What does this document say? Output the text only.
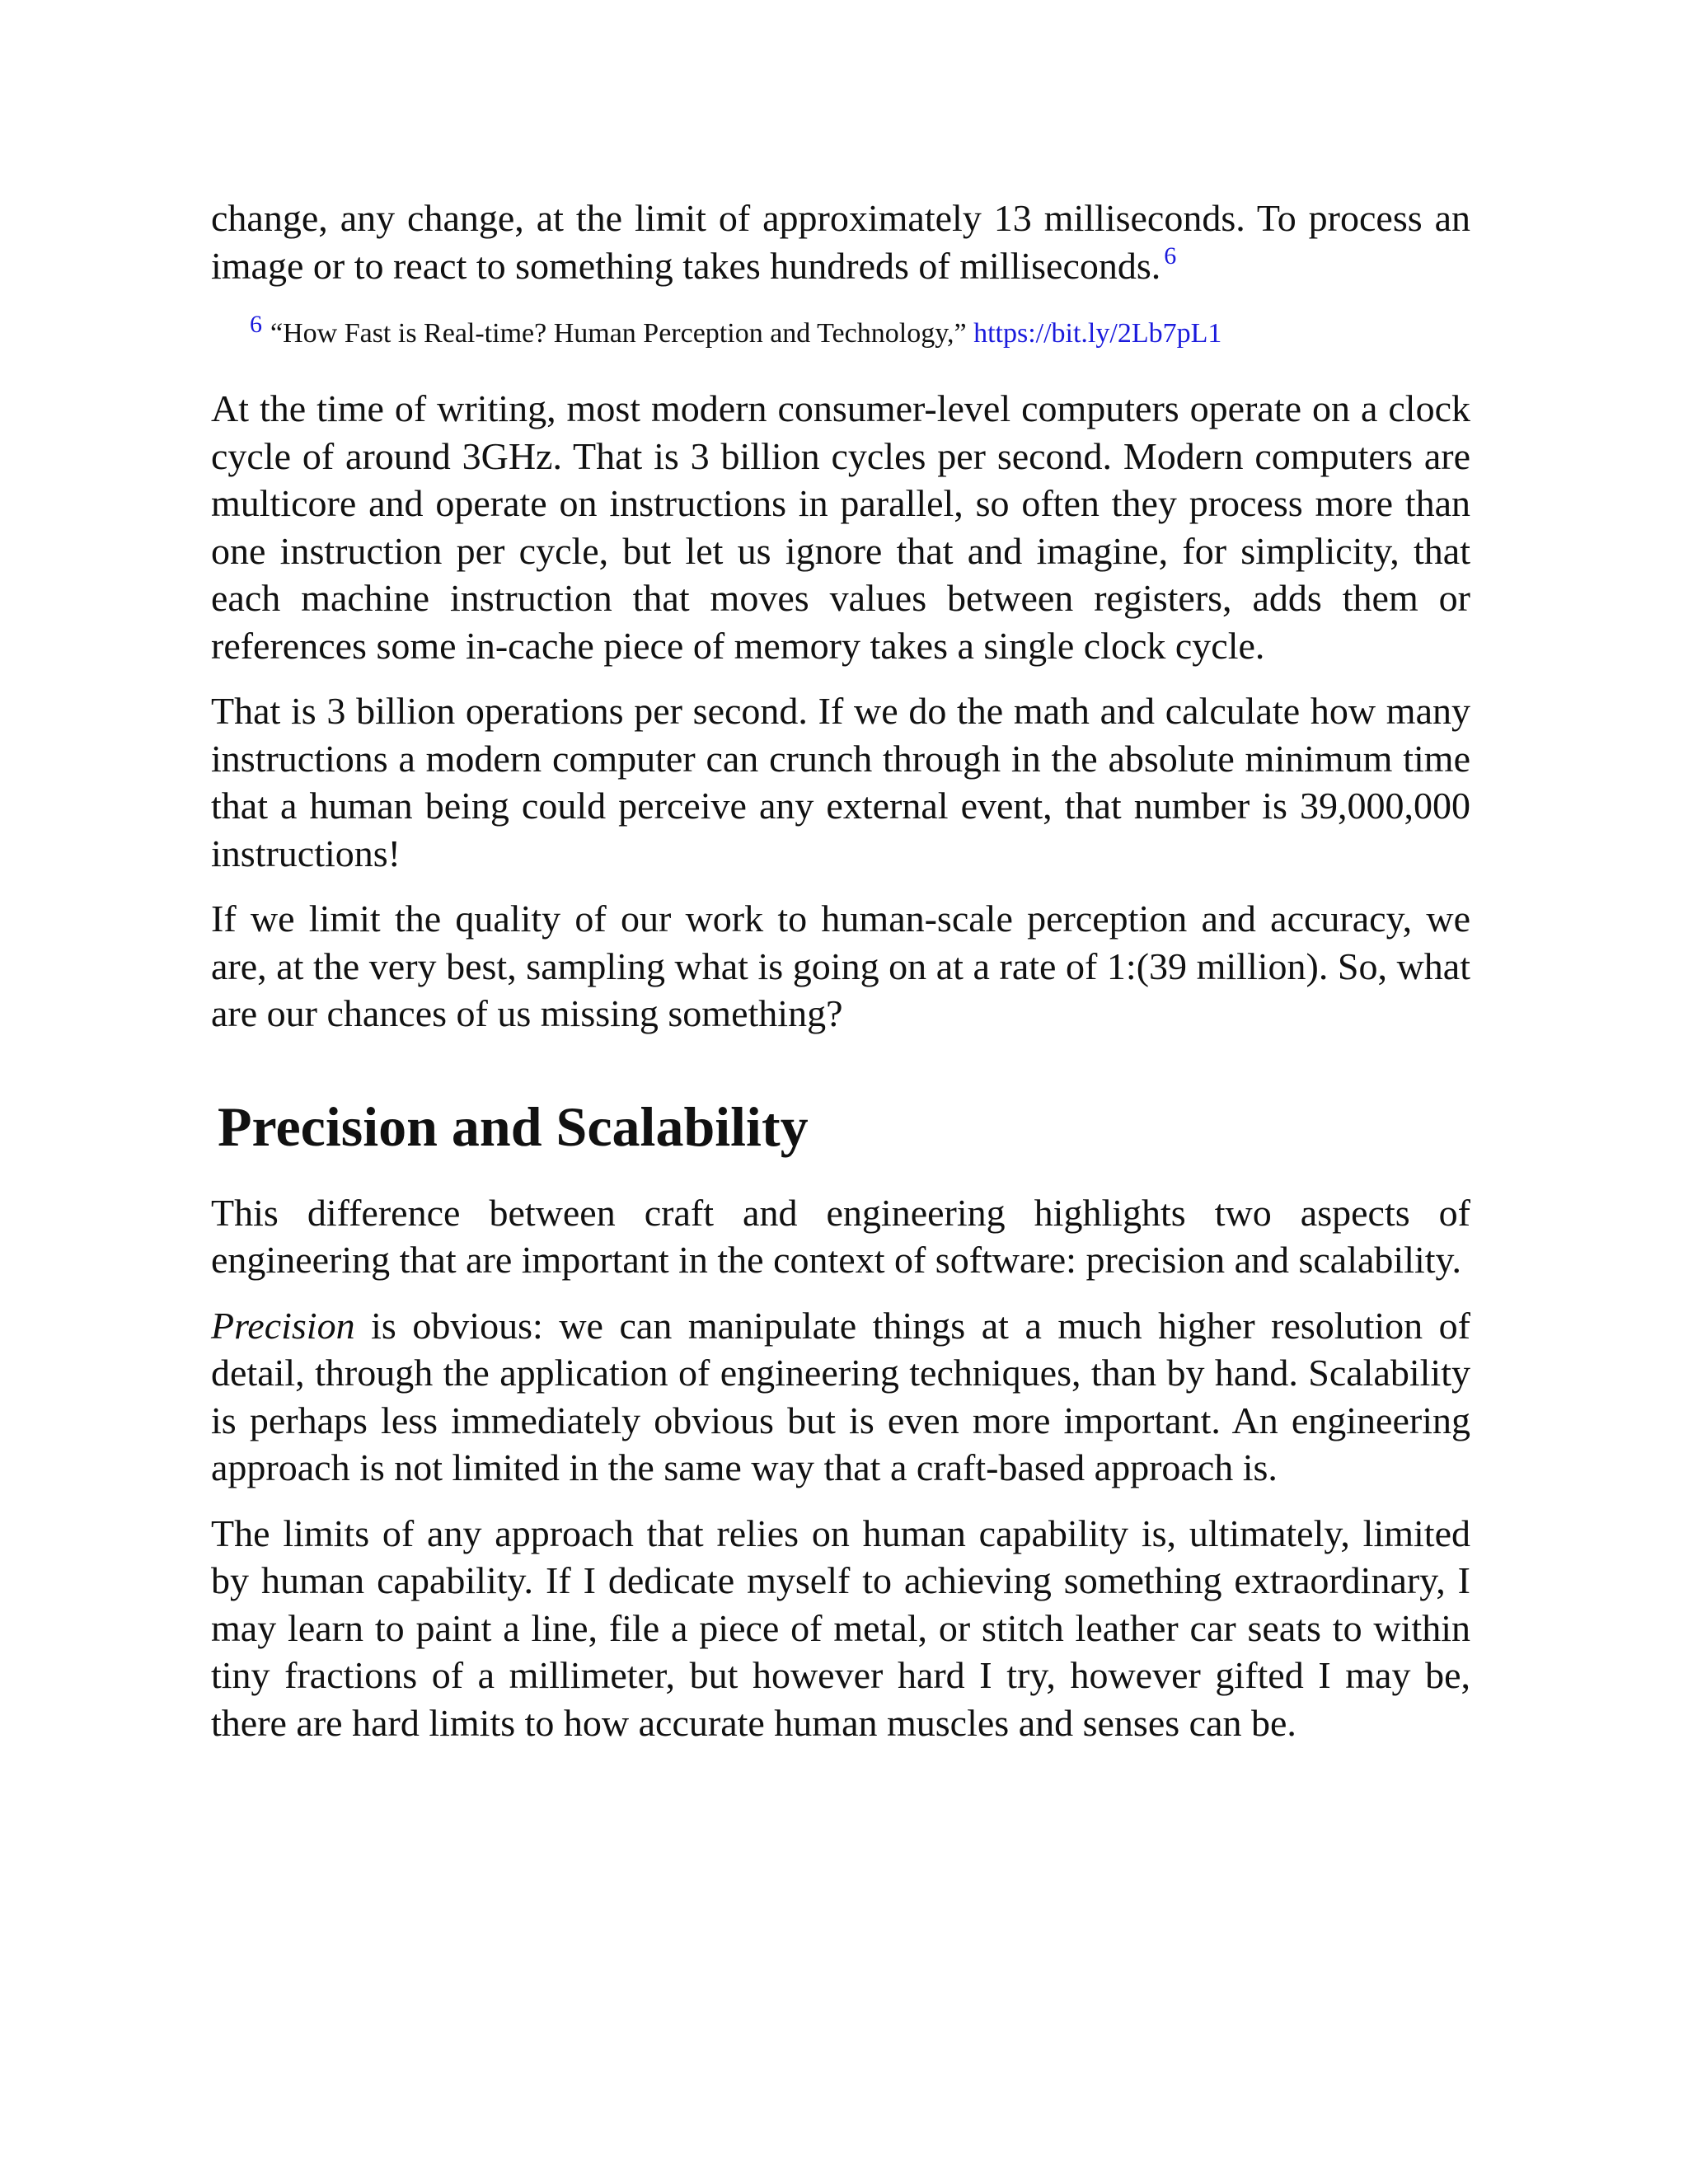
change, any change, at the limit of approximately 13 milliseconds. To process an image or to react to something takes hundreds of milliseconds. $^6$

$^6$ “How Fast is Real-time? Human Perception and Technology,” https://bit.ly/2Lb7pL1

At the time of writing, most modern consumer-level computers operate on a clock cycle of around 3GHz. That is 3 billion cycles per second. Modern computers are multicore and operate on instructions in parallel, so often they process more than one instruction per cycle, but let us ignore that and imagine, for simplicity, that each machine instruction that moves values between registers, adds them or references some in-cache piece of memory takes a single clock cycle.

That is 3 billion operations per second. If we do the math and calculate how many instructions a modern computer can crunch through in the absolute minimum time that a human being could perceive any external event, that number is 39,000,000 instructions!

If we limit the quality of our work to human-scale perception and accuracy, we are, at the very best, sampling what is going on at a rate of 1:(39 million). So, what are our chances of us missing something?

Precision and Scalability

This difference between craft and engineering highlights two aspects of engineering that are important in the context of software: precision and scalability.

Precision is obvious: we can manipulate things at a much higher resolution of detail, through the application of engineering techniques, than by hand. Scalability is perhaps less immediately obvious but is even more important. An engineering approach is not limited in the same way that a craft-based approach is.

The limits of any approach that relies on human capability is, ultimately, limited by human capability. If I dedicate myself to achieving something extraordinary, I may learn to paint a line, file a piece of metal, or stitch leather car seats to within tiny fractions of a millimeter, but however hard I try, however gifted I may be, there are hard limits to how accurate human muscles and senses can be.
